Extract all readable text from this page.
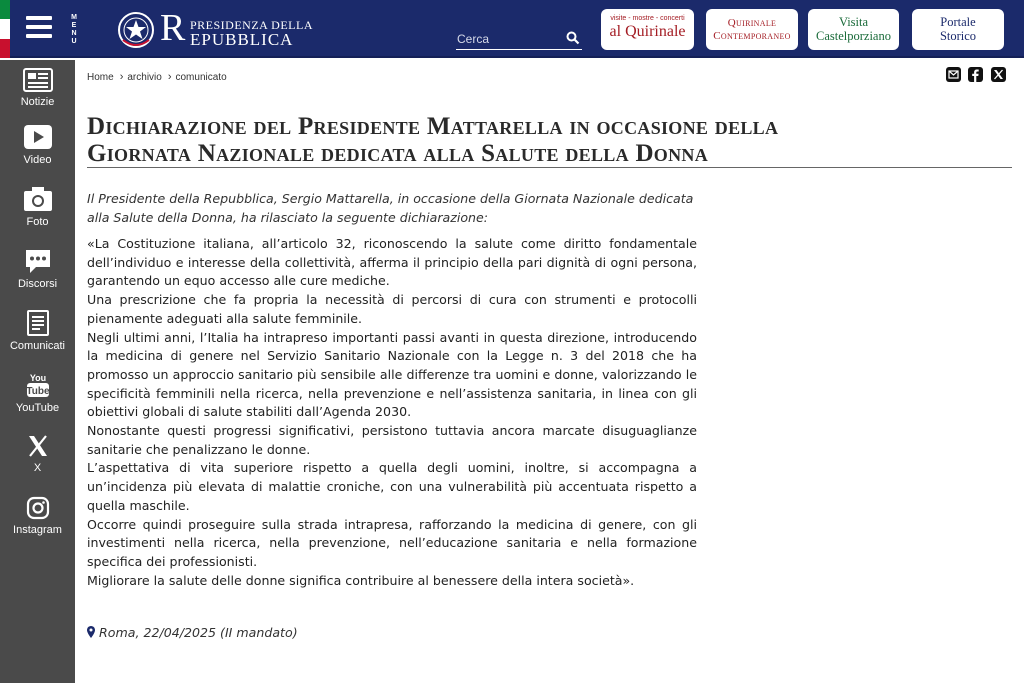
M
E
N
U R PRESIDENZA DELLA
EPUBBLICA
Cerca
visite - mostre - concerti
al Quirinale	Quirinale
Contemporaneo
Visita
Castelporziano
Portale
Storico
Notizie
Video
Foto
Discorsi
Comunicati
You
Tube
YouTube
X
Instagram
Home › archivio › comunicato
Dichiarazione del Presidente Mattarella in occasione della
Giornata Nazionale dedicata alla Salute della Donna
Il Presidente della Repubblica, Sergio Mattarella, in occasione della Giornata Nazionale dedicata alla Salute della Donna, ha rilasciato la seguente dichiarazione:

«La Costituzione italiana, all’articolo 32, riconoscendo la salute come diritto fondamentale dell’individuo e interesse della collettività, afferma il principio della pari dignità di ogni persona, garantendo un equo accesso alle cure mediche.

Una prescrizione che fa propria la necessità di percorsi di cura con strumenti e protocolli pienamente adeguati alla salute femminile.

Negli ultimi anni, l’Italia ha intrapreso importanti passi avanti in questa direzione, introducendo la medicina di genere nel Servizio Sanitario Nazionale con la Legge n. 3 del 2018 che ha promosso un approccio sanitario più sensibile alle differenze tra uomini e donne, valorizzando le specificità femminili nella ricerca, nella prevenzione e nell’assistenza sanitaria, in linea con gli obiettivi globali di salute stabiliti dall’Agenda 2030.

Nonostante questi progressi significativi, persistono tuttavia ancora marcate disuguaglianze sanitarie che penalizzano le donne.

L’aspettativa di vita superiore rispetto a quella degli uomini, inoltre, si accompagna a un’incidenza più elevata di malattie croniche, con una vulnerabilità più accentuata rispetto a quella maschile.

Occorre quindi proseguire sulla strada intrapresa, rafforzando la medicina di genere, con gli investimenti nella ricerca, nella prevenzione, nell’educazione sanitaria e nella formazione specifica dei professionisti.

Migliorare la salute delle donne significa contribuire al benessere della intera società».

Roma, 22/04/2025 (II mandato)
